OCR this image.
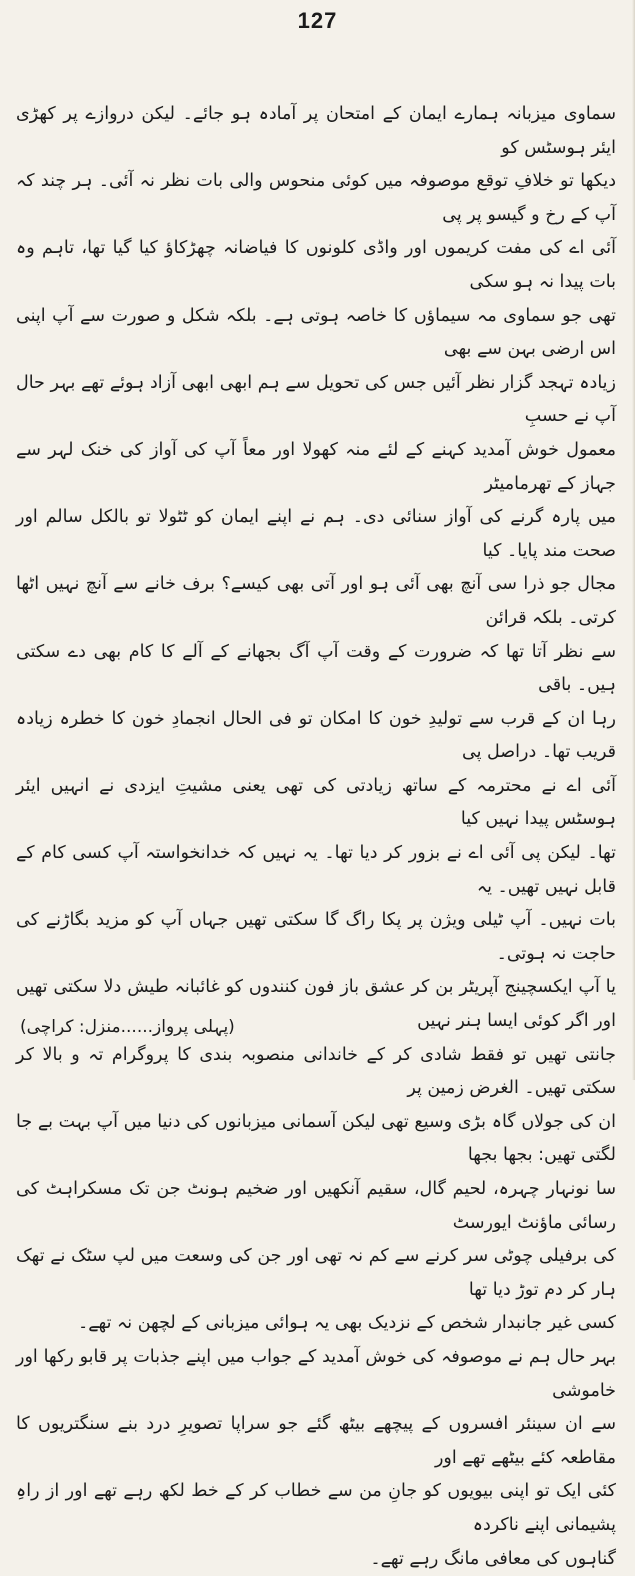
127

سماوی میزبانہ ہمارے ایمان کے امتحان پر آمادہ ہو جائے۔ لیکن دروازے پر کھڑی ایئر ہوسٹس کو
دیکھا تو خلافِ توقع موصوفہ میں کوئی منحوس والی بات نظر نہ آئی۔ ہر چند کہ آپ کے رخ و گیسو پر پی
آئی اے کی مفت کریموں اور واڈی کلونوں کا فیاضانہ چھڑکاؤ کیا گیا تھا، تاہم وہ بات پیدا نہ ہو سکی
تھی جو سماوی مہ سیماؤں کا خاصہ ہوتی ہے۔ بلکہ شکل و صورت سے آپ اپنی اس ارضی بہن سے بھی
زیادہ تہجد گزار نظر آئیں جس کی تحویل سے ہم ابھی ابھی آزاد ہوئے تھے بہر حال آپ نے حسبِ
معمول خوش آمدید کہنے کے لئے منہ کھولا اور معاً آپ کی آواز کی خنک لہر سے جہاز کے تھرمامیٹر
میں پارہ گرنے کی آواز سنائی دی۔ ہم نے اپنے ایمان کو ٹٹولا تو بالکل سالم اور صحت مند پایا۔ کیا
مجال جو ذرا سی آنچ بھی آئی ہو اور آتی بھی کیسے؟ برف خانے سے آنچ نہیں اٹھا کرتی۔ بلکہ قرائن
سے نظر آتا تھا کہ ضرورت کے وقت آپ آگ بجھانے کے آلے کا کام بھی دے سکتی ہیں۔ باقی
رہا ان کے قرب سے تولیدِ خون کا امکان تو فی الحال انجمادِ خون کا خطرہ زیادہ قریب تھا۔ دراصل پی
آئی اے نے محترمہ کے ساتھ زیادتی کی تھی یعنی مشیتِ ایزدی نے انہیں ایئر ہوسٹس پیدا نہیں کیا
تھا۔ لیکن پی آئی اے نے بزور کر دیا تھا۔ یہ نہیں کہ خدانخواستہ آپ کسی کام کے قابل نہیں تھیں۔ یہ
بات نہیں۔ آپ ٹیلی ویژن پر پکا راگ گا سکتی تھیں جہاں آپ کو مزید بگاڑنے کی حاجت نہ ہوتی۔
یا آپ ایکسچینج آپریٹر بن کر عشق باز فون کنندوں کو غائبانہ طیش دلا سکتی تھیں اور اگر کوئی ایسا ہنر نہیں
جانتی تھیں تو فقط شادی کر کے خاندانی منصوبہ بندی کا پروگرام تہ و بالا کر سکتی تھیں۔ الغرض زمین پر
ان کی جولاں گاہ بڑی وسیع تھی لیکن آسمانی میزبانوں کی دنیا میں آپ بہت بے جا لگتی تھیں: بجھا بجھا
سا نونہار چہرہ، لحیم گال، سقیم آنکھیں اور ضخیم ہونٹ جن تک مسکراہٹ کی رسائی ماؤنٹ ایورسٹ
کی برفیلی چوٹی سر کرنے سے کم نہ تھی اور جن کی وسعت میں لپ سٹک نے تھک ہار کر دم توڑ دیا تھا
کسی غیر جانبدار شخص کے نزدیک بھی یہ ہوائی میزبانی کے لچھن نہ تھے۔

بہر حال ہم نے موصوفہ کی خوش آمدید کے جواب میں اپنے جذبات پر قابو رکھا اور خاموشی
سے ان سینئر افسروں کے پیچھے بیٹھ گئے جو سراپا تصویرِ درد بنے سنگتریوں کا مقاطعہ کئے بیٹھے تھے اور
کئی ایک تو اپنی بیویوں کو جانِ من سے خطاب کر کے خط لکھ رہے تھے اور از راہِ پشیمانی اپنے ناکردہ
گناہوں کی معافی مانگ رہے تھے۔

(پہلی پرواز......منزل: کراچی)
